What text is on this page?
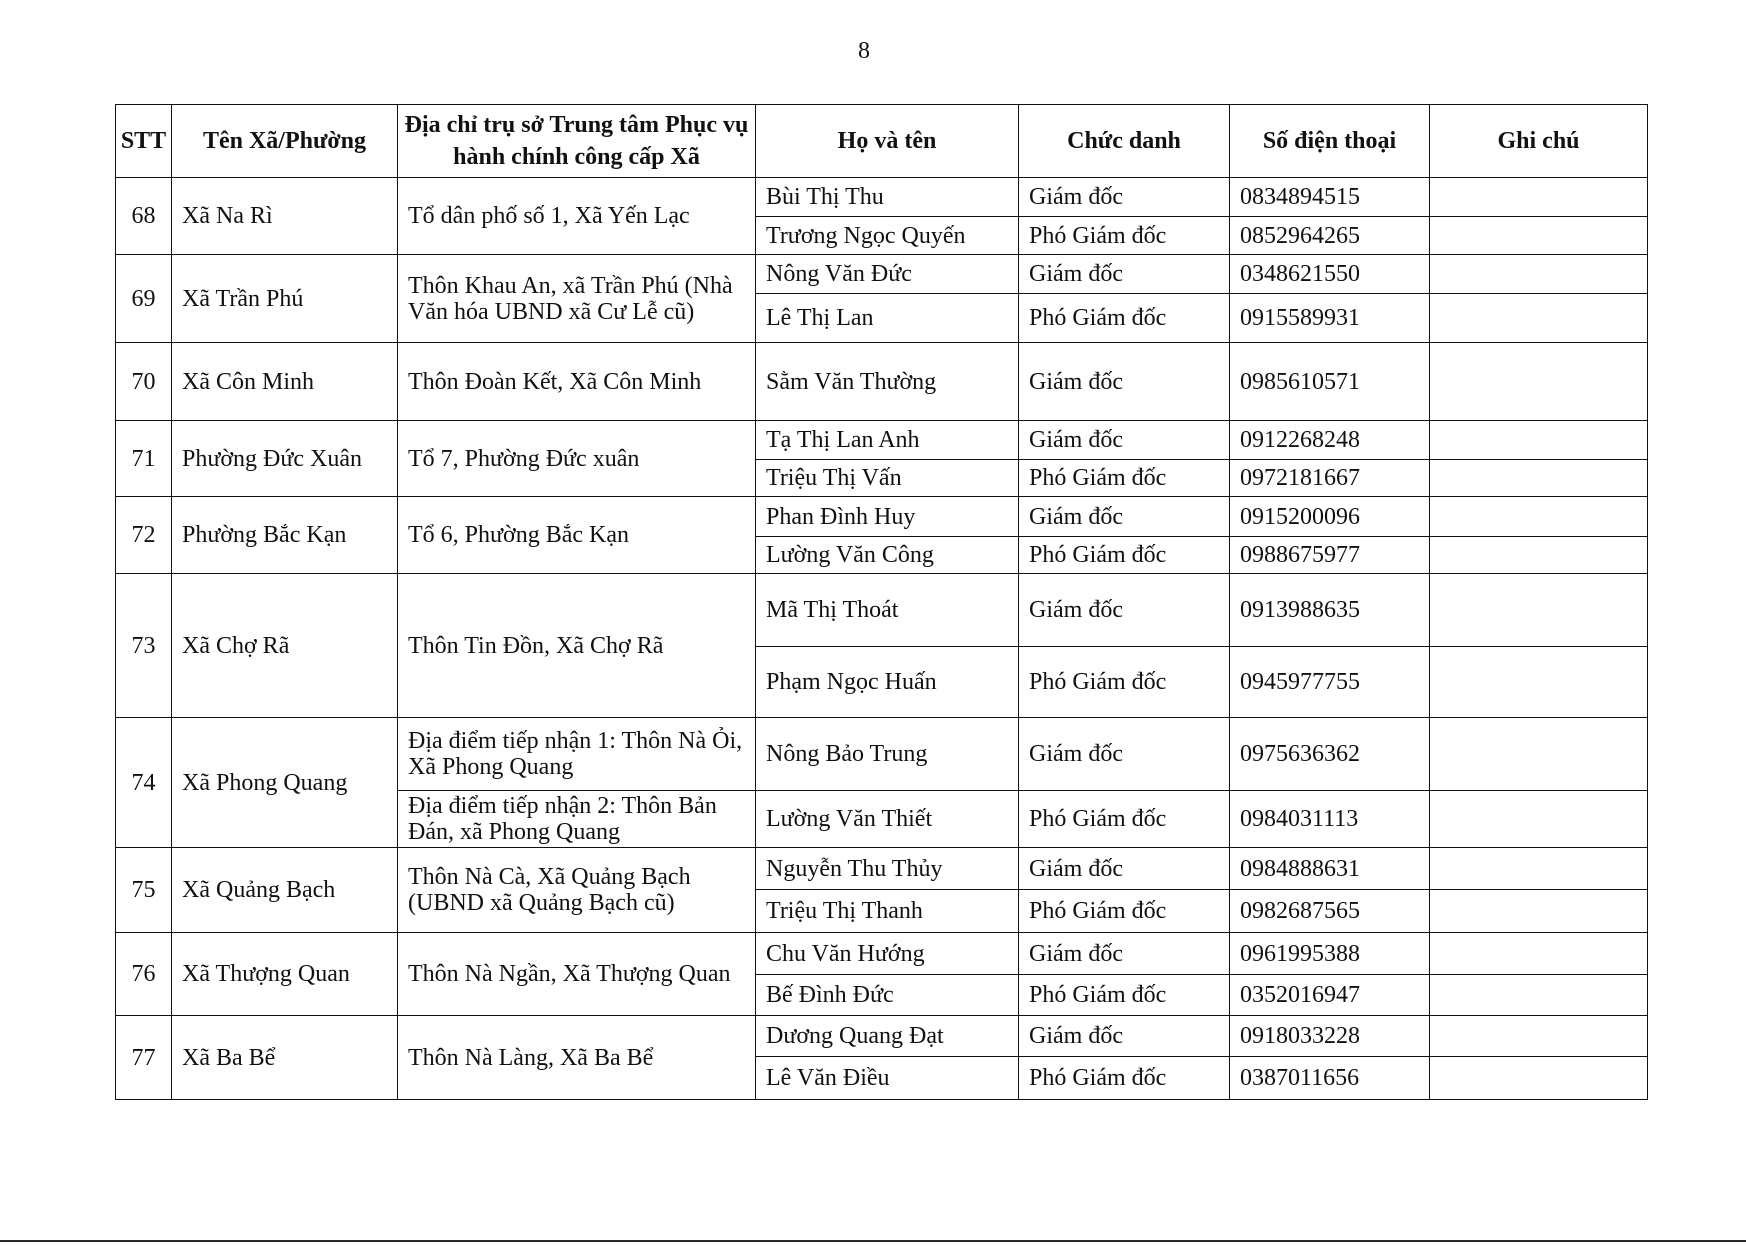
8
STT	Tên Xã/Phường	Địa chỉ trụ sở Trung tâm Phục vụ hành chính công cấp Xã	Họ và tên	Chức danh	Số điện thoại	Ghi chú
68	Xã Na Rì	Tổ dân phố số 1, Xã Yến Lạc	Bùi Thị Thu	Giám đốc	0834894515	
			Trương Ngọc Quyến	Phó Giám đốc	0852964265	
69	Xã Trần Phú	Thôn Khau An, xã Trần Phú (Nhà Văn hóa UBND xã Cư Lễ cũ)	Nông Văn Đức	Giám đốc	0348621550	
			Lê Thị Lan	Phó Giám đốc	0915589931	
70	Xã Côn Minh	Thôn Đoàn Kết, Xã Côn Minh	Sằm Văn Thường	Giám đốc	0985610571	
71	Phường Đức Xuân	Tổ 7, Phường Đức xuân	Tạ Thị Lan Anh	Giám đốc	0912268248	
			Triệu Thị Vấn	Phó Giám đốc	0972181667	
72	Phường Bắc Kạn	Tổ 6, Phường Bắc Kạn	Phan Đình Huy	Giám đốc	0915200096	
			Lường Văn Công	Phó Giám đốc	0988675977	
73	Xã Chợ Rã	Thôn Tin Đồn, Xã Chợ Rã	Mã Thị Thoát	Giám đốc	0913988635	
			Phạm Ngọc Huấn	Phó Giám đốc	0945977755	
74	Xã Phong Quang	Địa điểm tiếp nhận 1: Thôn Nà Ỏi, Xã Phong Quang	Nông Bảo Trung	Giám đốc	0975636362	
		Địa điểm tiếp nhận 2: Thôn Bản Đán, xã Phong Quang	Lường Văn Thiết	Phó Giám đốc	0984031113	
75	Xã Quảng Bạch	Thôn Nà Cà, Xã Quảng Bạch (UBND xã Quảng Bạch cũ)	Nguyễn Thu Thủy	Giám đốc	0984888631	
			Triệu Thị Thanh	Phó Giám đốc	0982687565	
76	Xã Thượng Quan	Thôn Nà Ngần, Xã Thượng Quan	Chu Văn Hướng	Giám đốc	0961995388	
			Bế Đình Đức	Phó Giám đốc	0352016947	
77	Xã Ba Bể	Thôn Nà Làng, Xã Ba Bể	Dương Quang Đạt	Giám đốc	0918033228	
			Lê Văn Điều	Phó Giám đốc	0387011656	
